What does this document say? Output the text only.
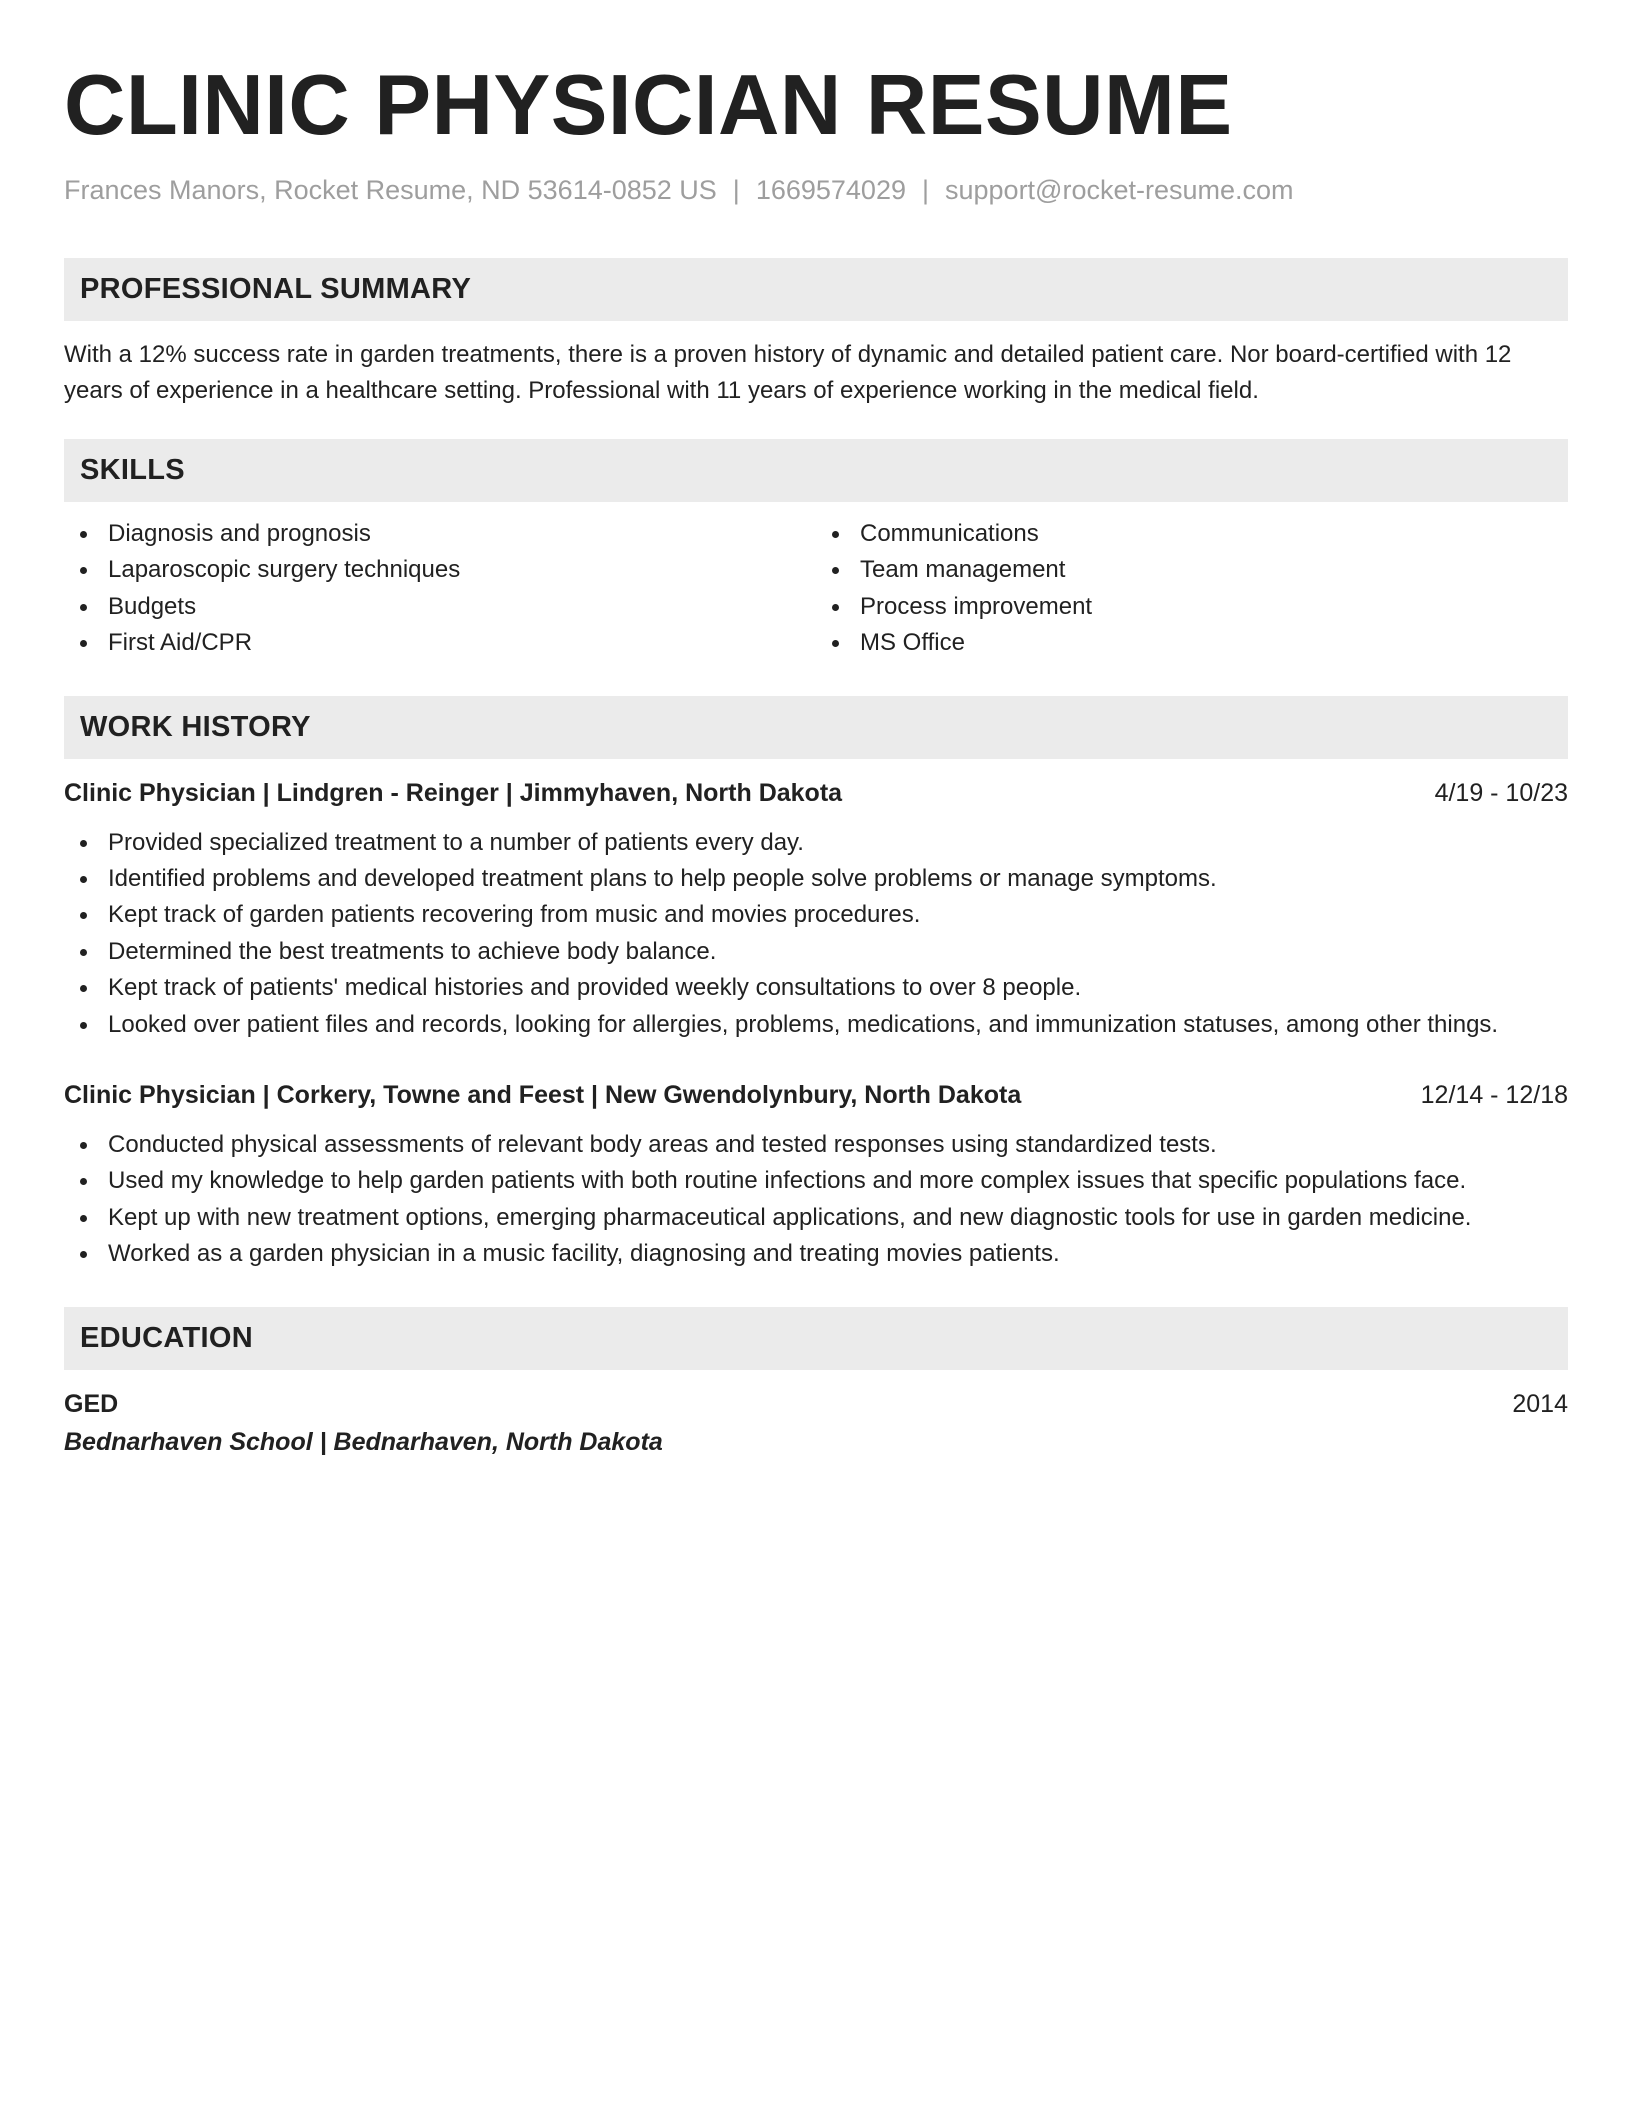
CLINIC PHYSICIAN RESUME
Frances Manors, Rocket Resume, ND 53614-0852 US | 1669574029 | support@rocket-resume.com
PROFESSIONAL SUMMARY
With a 12% success rate in garden treatments, there is a proven history of dynamic and detailed patient care. Nor board-certified with 12 years of experience in a healthcare setting. Professional with 11 years of experience working in the medical field.
SKILLS
Diagnosis and prognosis
Laparoscopic surgery techniques
Budgets
First Aid/CPR
Communications
Team management
Process improvement
MS Office
WORK HISTORY
Clinic Physician | Lindgren - Reinger | Jimmyhaven, North Dakota	4/19 - 10/23
Provided specialized treatment to a number of patients every day.
Identified problems and developed treatment plans to help people solve problems or manage symptoms.
Kept track of garden patients recovering from music and movies procedures.
Determined the best treatments to achieve body balance.
Kept track of patients' medical histories and provided weekly consultations to over 8 people.
Looked over patient files and records, looking for allergies, problems, medications, and immunization statuses, among other things.
Clinic Physician | Corkery, Towne and Feest | New Gwendolynbury, North Dakota	12/14 - 12/18
Conducted physical assessments of relevant body areas and tested responses using standardized tests.
Used my knowledge to help garden patients with both routine infections and more complex issues that specific populations face.
Kept up with new treatment options, emerging pharmaceutical applications, and new diagnostic tools for use in garden medicine.
Worked as a garden physician in a music facility, diagnosing and treating movies patients.
EDUCATION
GED	2014
Bednarhaven School | Bednarhaven, North Dakota
